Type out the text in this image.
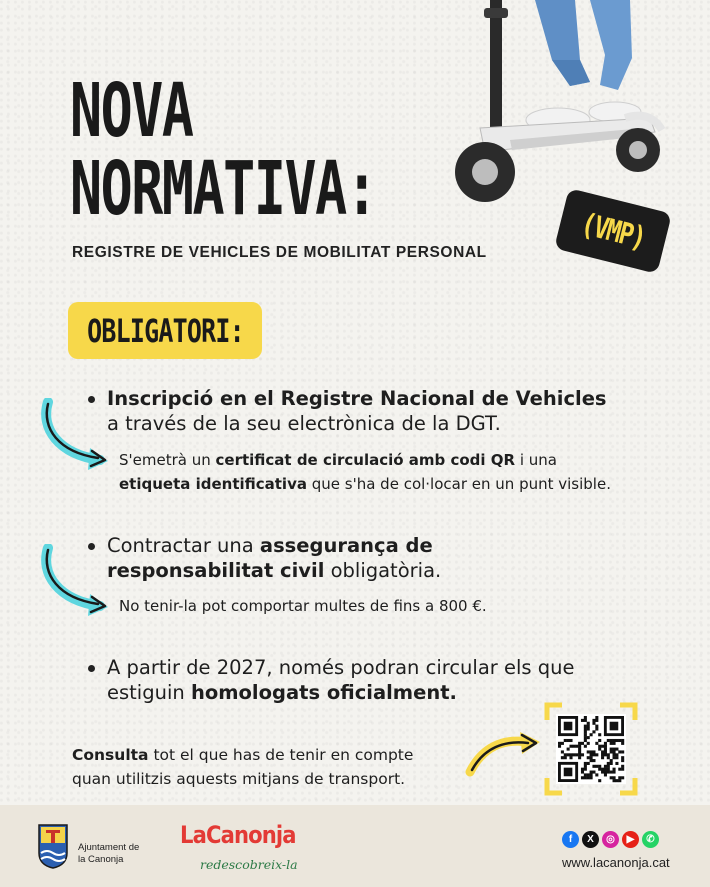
NOVA
NORMATIVA:
REGISTRE DE VEHICLES DE MOBILITAT PERSONAL	(VMP)
OBLIGATORI:
Inscripció en el Registre Nacional de Vehicles
a través de la seu electrònica de la DGT.
S'emetrà un certificat de circulació amb codi QR i una
etiqueta identificativa que s'ha de col·locar en un punt visible.
Contractar una assegurança de
responsabilitat civil obligatòria.
No tenir-la pot comportar multes de fins a 800 €.
A partir de 2027, només podran circular els que
estiguin homologats oficialment.
Consulta tot el que has de tenir en compte
quan utilitzis aquests mitjans de transport.
Ajuntament de
la Canonja
LaCanonja
redescobreix-la
f	X	◎	▶	✆
www.lacanonja.cat
